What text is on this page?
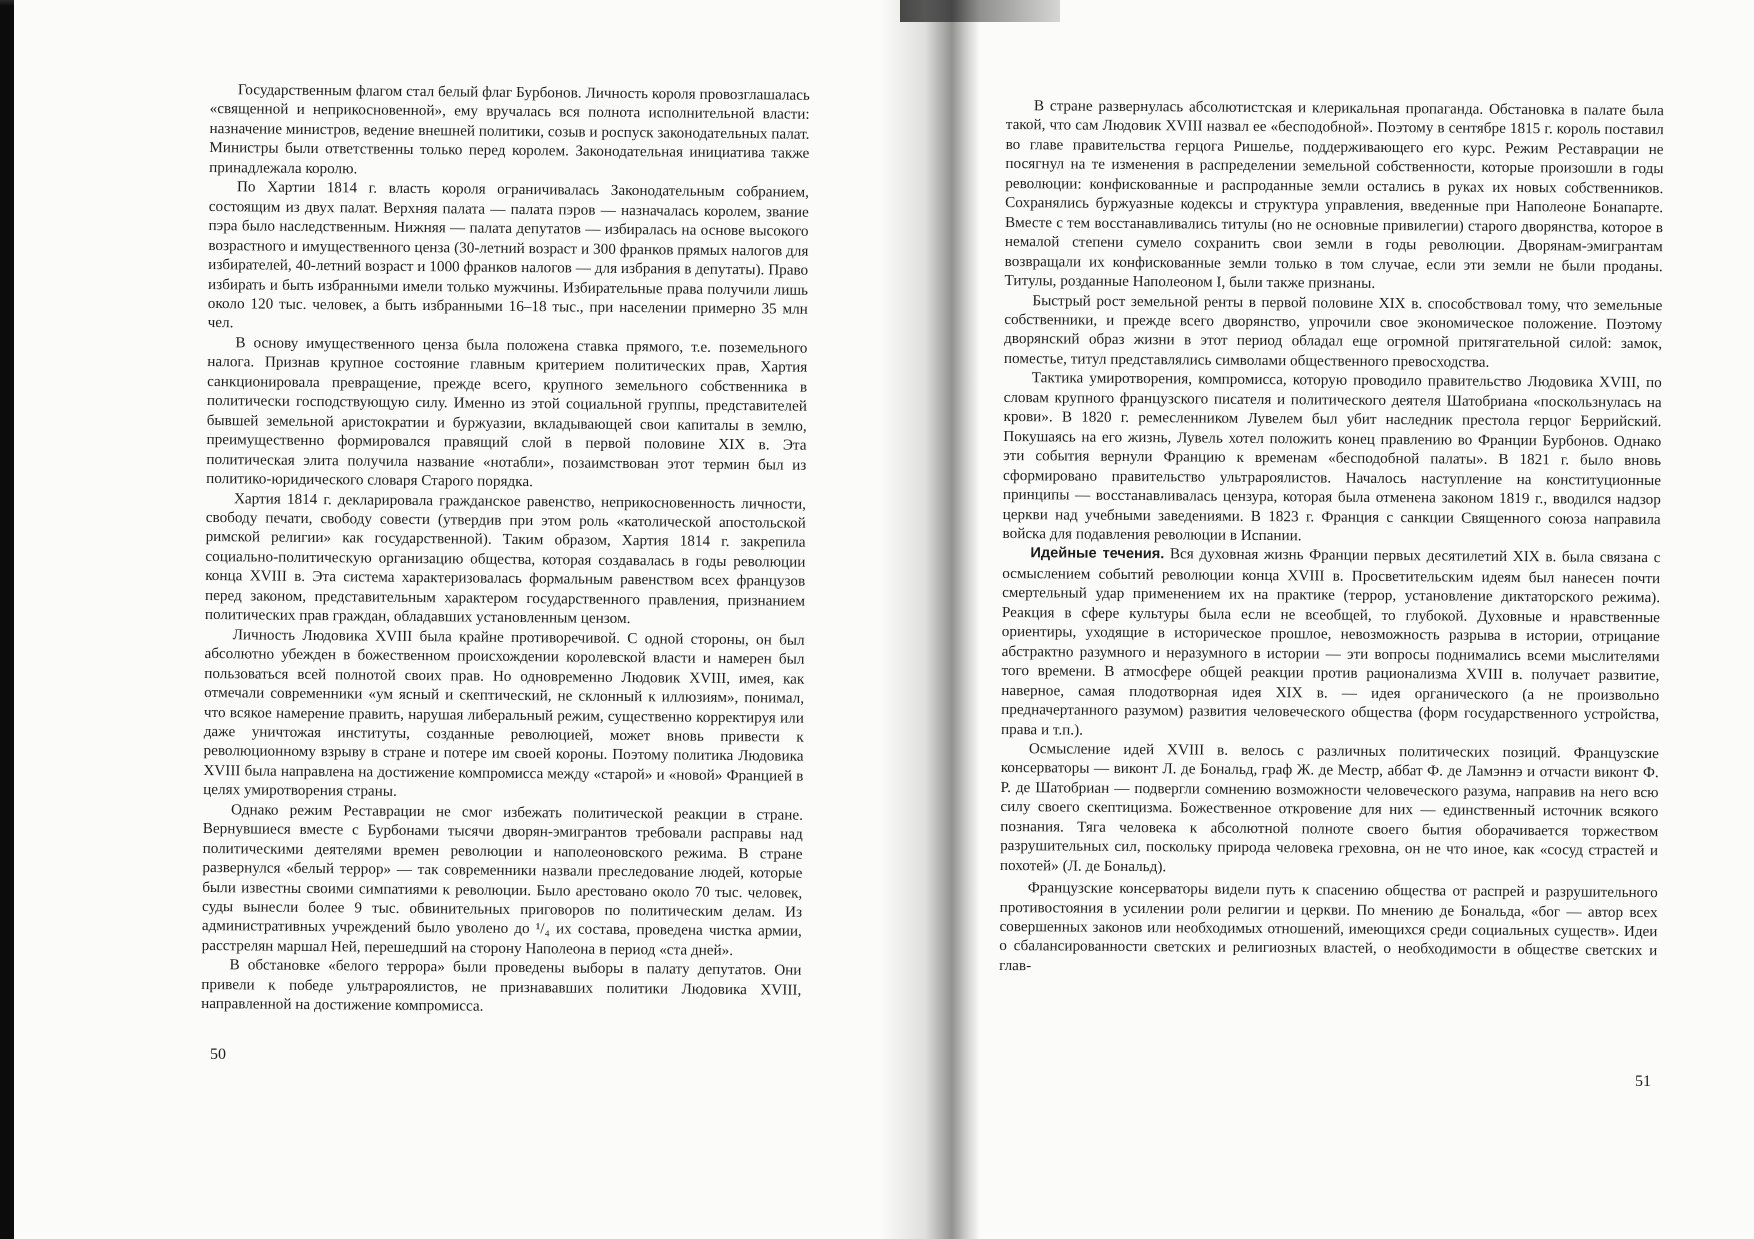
Государственным флагом стал белый флаг Бурбонов. Личность короля провозглашалась «священной и неприкосновенной», ему вручалась вся полнота исполнительной власти: назначение министров, ведение внешней политики, созыв и роспуск законодательных палат. Министры были ответственны только перед королем. Законодательная инициатива также принадлежала королю.

По Хартии 1814 г. власть короля ограничивалась Законодательным собранием, состоящим из двух палат. Верхняя палата — палата пэров — назначалась королем, звание пэра было наследственным. Нижняя — палата депутатов — избиралась на основе высокого возрастного и имущественного ценза (30-летний возраст и 300 франков прямых налогов для избирателей, 40-летний возраст и 1000 франков налогов — для избрания в депутаты). Право избирать и быть избранными имели только мужчины. Избирательные права получили лишь около 120 тыс. человек, а быть избранными 16–18 тыс., при населении примерно 35 млн чел.

В основу имущественного ценза была положена ставка прямого, т.е. поземельного налога. Признав крупное состояние главным критерием политических прав, Хартия санкционировала превращение, прежде всего, крупного земельного собственника в политически господствующую силу. Именно из этой социальной группы, представителей бывшей земельной аристократии и буржуазии, вкладывающей свои капиталы в землю, преимущественно формировался правящий слой в первой половине XIX в. Эта политическая элита получила название «нотабли», позаимствован этот термин был из политико-юридического словаря Старого порядка.

Хартия 1814 г. декларировала гражданское равенство, неприкосновенность личности, свободу печати, свободу совести (утвердив при этом роль «католической апостольской римской религии» как государственной). Таким образом, Хартия 1814 г. закрепила социально-политическую организацию общества, которая создавалась в годы революции конца XVIII в. Эта система характеризовалась формальным равенством всех французов перед законом, представительным характером государственного правления, признанием политических прав граждан, обладавших установленным цензом.

Личность Людовика XVIII была крайне противоречивой. С одной стороны, он был абсолютно убежден в божественном происхождении королевской власти и намерен был пользоваться всей полнотой своих прав. Но одновременно Людовик XVIII, имея, как отмечали современники «ум ясный и скептический, не склонный к иллюзиям», понимал, что всякое намерение править, нарушая либеральный режим, существенно корректируя или даже уничтожая институты, созданные революцией, может вновь привести к революционному взрыву в стране и потере им своей короны. Поэтому политика Людовика XVIII была направлена на достижение компромисса между «старой» и «новой» Францией в целях умиротворения страны.

Однако режим Реставрации не смог избежать политической реакции в стране. Вернувшиеся вместе с Бурбонами тысячи дворян-эмигрантов требовали расправы над политическими деятелями времен революции и наполеоновского режима. В стране развернулся «белый террор» — так современники назвали преследование людей, которые были известны своими симпатиями к революции. Было арестовано около 70 тыс. человек, суды вынесли более 9 тыс. обвинительных приговоров по политическим делам. Из административных учреждений было уволено до ¹/₄ их состава, проведена чистка армии, расстрелян маршал Ней, перешедший на сторону Наполеона в период «ста дней».

В обстановке «белого террора» были проведены выборы в палату депутатов. Они привели к победе ультрароялистов, не признававших политики Людовика XVIII, направленной на достижение компромисса.

50

В стране развернулась абсолютистская и клерикальная пропаганда. Обстановка в палате была такой, что сам Людовик XVIII назвал ее «бесподобной». Поэтому в сентябре 1815 г. король поставил во главе правительства герцога Ришелье, поддерживающего его курс. Режим Реставрации не посягнул на те изменения в распределении земельной собственности, которые произошли в годы революции: конфискованные и распроданные земли остались в руках их новых собственников. Сохранялись буржуазные кодексы и структура управления, введенные при Наполеоне Бонапарте. Вместе с тем восстанавливались титулы (но не основные привилегии) старого дворянства, которое в немалой степени сумело сохранить свои земли в годы революции. Дворянам-эмигрантам возвращали их конфискованные земли только в том случае, если эти земли не были проданы. Титулы, розданные Наполеоном I, были также признаны.

Быстрый рост земельной ренты в первой половине XIX в. способствовал тому, что земельные собственники, и прежде всего дворянство, упрочили свое экономическое положение. Поэтому дворянский образ жизни в этот период обладал еще огромной притягательной силой: замок, поместье, титул представлялись символами общественного превосходства.

Тактика умиротворения, компромисса, которую проводило правительство Людовика XVIII, по словам крупного французского писателя и политического деятеля Шатобриана «поскользнулась на крови». В 1820 г. ремесленником Лувелем был убит наследник престола герцог Беррийский. Покушаясь на его жизнь, Лувель хотел положить конец правлению во Франции Бурбонов. Однако эти события вернули Францию к временам «бесподобной палаты». В 1821 г. было вновь сформировано правительство ультрароялистов. Началось наступление на конституционные принципы — восстанавливалась цензура, которая была отменена законом 1819 г., вводился надзор церкви над учебными заведениями. В 1823 г. Франция с санкции Священного союза направила войска для подавления революции в Испании.

Идейные течения. Вся духовная жизнь Франции первых десятилетий XIX в. была связана с осмыслением событий революции конца XVIII в. Просветительским идеям был нанесен почти смертельный удар применением их на практике (террор, установление диктаторского режима). Реакция в сфере культуры была если не всеобщей, то глубокой. Духовные и нравственные ориентиры, уходящие в историческое прошлое, невозможность разрыва в истории, отрицание абстрактно разумного и неразумного в истории — эти вопросы поднимались всеми мыслителями того времени. В атмосфере общей реакции против рационализма XVIII в. получает развитие, наверное, самая плодотворная идея XIX в. — идея органического (а не произвольно предначертанного разумом) развития человеческого общества (форм государственного устройства, права и т.п.).

Осмысление идей XVIII в. велось с различных политических позиций. Французские консерваторы — виконт Л. де Бональд, граф Ж. де Местр, аббат Ф. де Ламэннэ и отчасти виконт Ф. Р. де Шатобриан — подвергли сомнению возможности человеческого разума, направив на него всю силу своего скептицизма. Божественное откровение для них — единственный источник всякого познания. Тяга человека к абсолютной полноте своего бытия оборачивается торжеством разрушительных сил, поскольку природа человека греховна, он не что иное, как «сосуд страстей и похотей» (Л. де Бональд).

Французские консерваторы видели путь к спасению общества от распрей и разрушительного противостояния в усилении роли религии и церкви. По мнению де Бональда, «бог — автор всех совершенных законов или необходимых отношений, имеющихся среди социальных существ». Идеи о сбалансированности светских и религиозных властей, о необходимости в обществе светских и глав-

51
